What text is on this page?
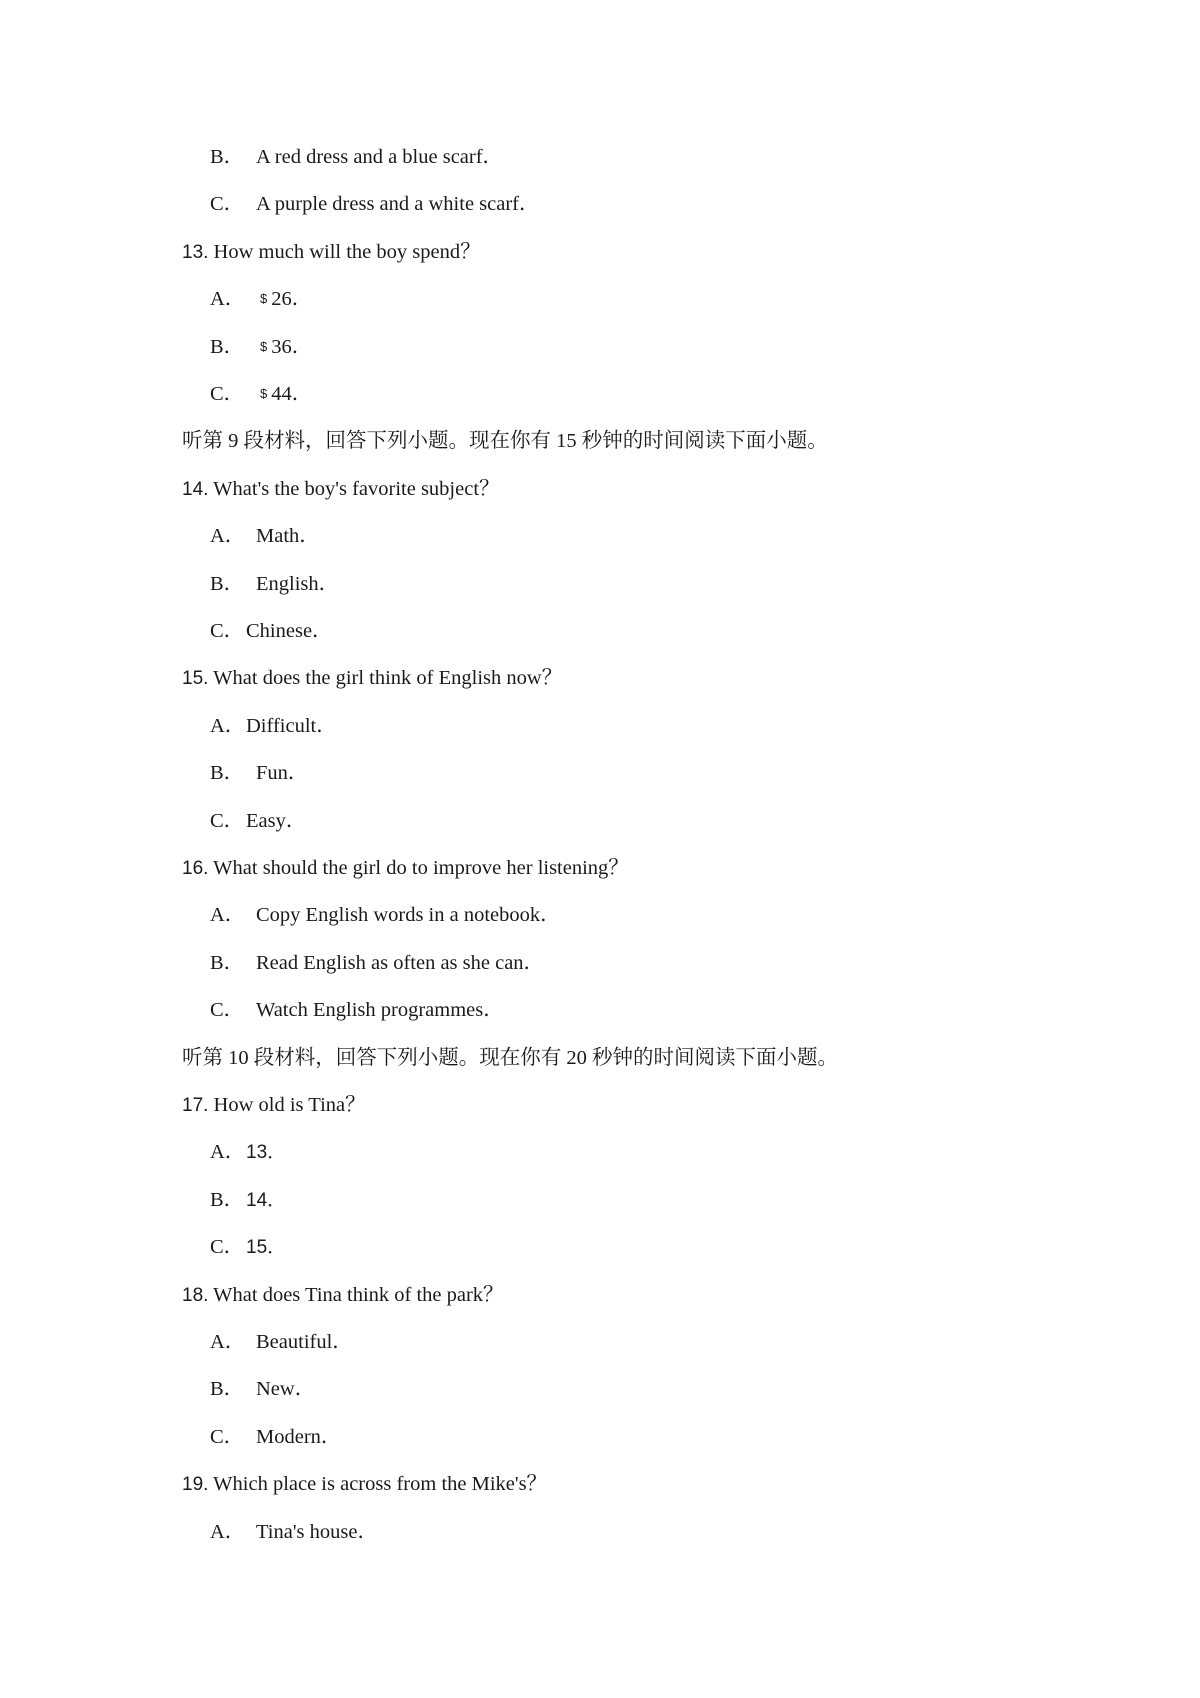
B． A red dress and a blue scarf．
C． A purple dress and a white scarf．
13. How much will the boy spend？
A． $ 26．
B． $ 36．
C． $ 44．
听第 9 段材料，回答下列小题。现在你有 15 秒钟的时间阅读下面小题。
14. What's the boy's favorite subject？
A． Math．
B． English．
C．Chinese．
15. What does the girl think of English now？
A．Difficult．
B． Fun．
C．Easy．
16. What should the girl do to improve her listening？
A． Copy English words in a notebook．
B． Read English as often as she can．
C． Watch English programmes．
听第 10 段材料，回答下列小题。现在你有 20 秒钟的时间阅读下面小题。
17. How old is Tina？
A．13．
B．14．
C．15．
18. What does Tina think of the park？
A． Beautiful．
B． New．
C． Modern．
19. Which place is across from the Mike's？
A． Tina's house．
